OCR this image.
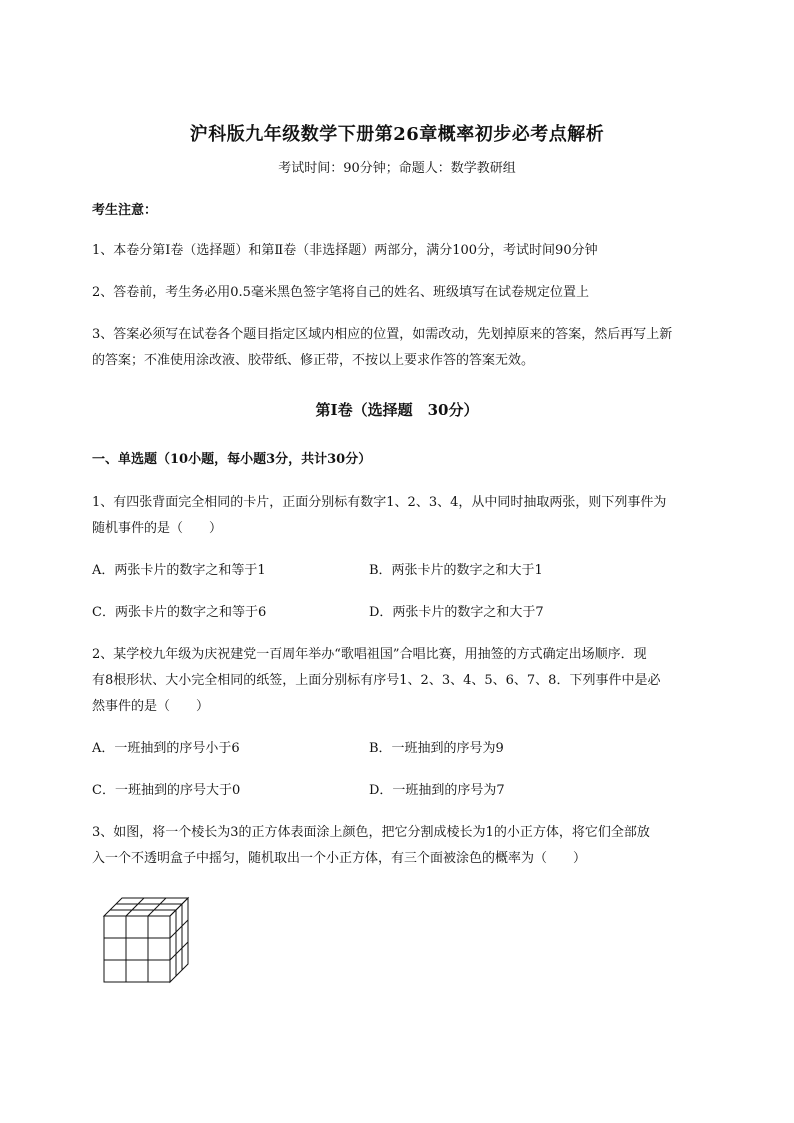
沪科版九年级数学下册第26章概率初步必考点解析
考试时间：90分钟；命题人：数学教研组
考生注意：
1、本卷分第I卷（选择题）和第Ⅱ卷（非选择题）两部分，满分100分，考试时间90分钟
2、答卷前，考生务必用0.5毫米黑色签字笔将自己的姓名、班级填写在试卷规定位置上
3、答案必须写在试卷各个题目指定区域内相应的位置，如需改动，先划掉原来的答案，然后再写上新
的答案；不准使用涂改液、胶带纸、修正带，不按以上要求作答的答案无效。
第I卷（选择题　30分）
一、单选题（10小题，每小题3分，共计30分）
1、有四张背面完全相同的卡片，正面分别标有数字1、2、3、4，从中同时抽取两张，则下列事件为
随机事件的是（　　）
A．两张卡片的数字之和等于1	B．两张卡片的数字之和大于1
C．两张卡片的数字之和等于6	D．两张卡片的数字之和大于7
2、某学校九年级为庆祝建党一百周年举办“歌唱祖国”合唱比赛，用抽签的方式确定出场顺序．现
有8根形状、大小完全相同的纸签，上面分别标有序号1、2、3、4、5、6、7、8．下列事件中是必
然事件的是（　　）
A．一班抽到的序号小于6	B．一班抽到的序号为9
C．一班抽到的序号大于0	D．一班抽到的序号为7
3、如图，将一个棱长为3的正方体表面涂上颜色，把它分割成棱长为1的小正方体，将它们全部放
入一个不透明盒子中摇匀，随机取出一个小正方体，有三个面被涂色的概率为（　　）
